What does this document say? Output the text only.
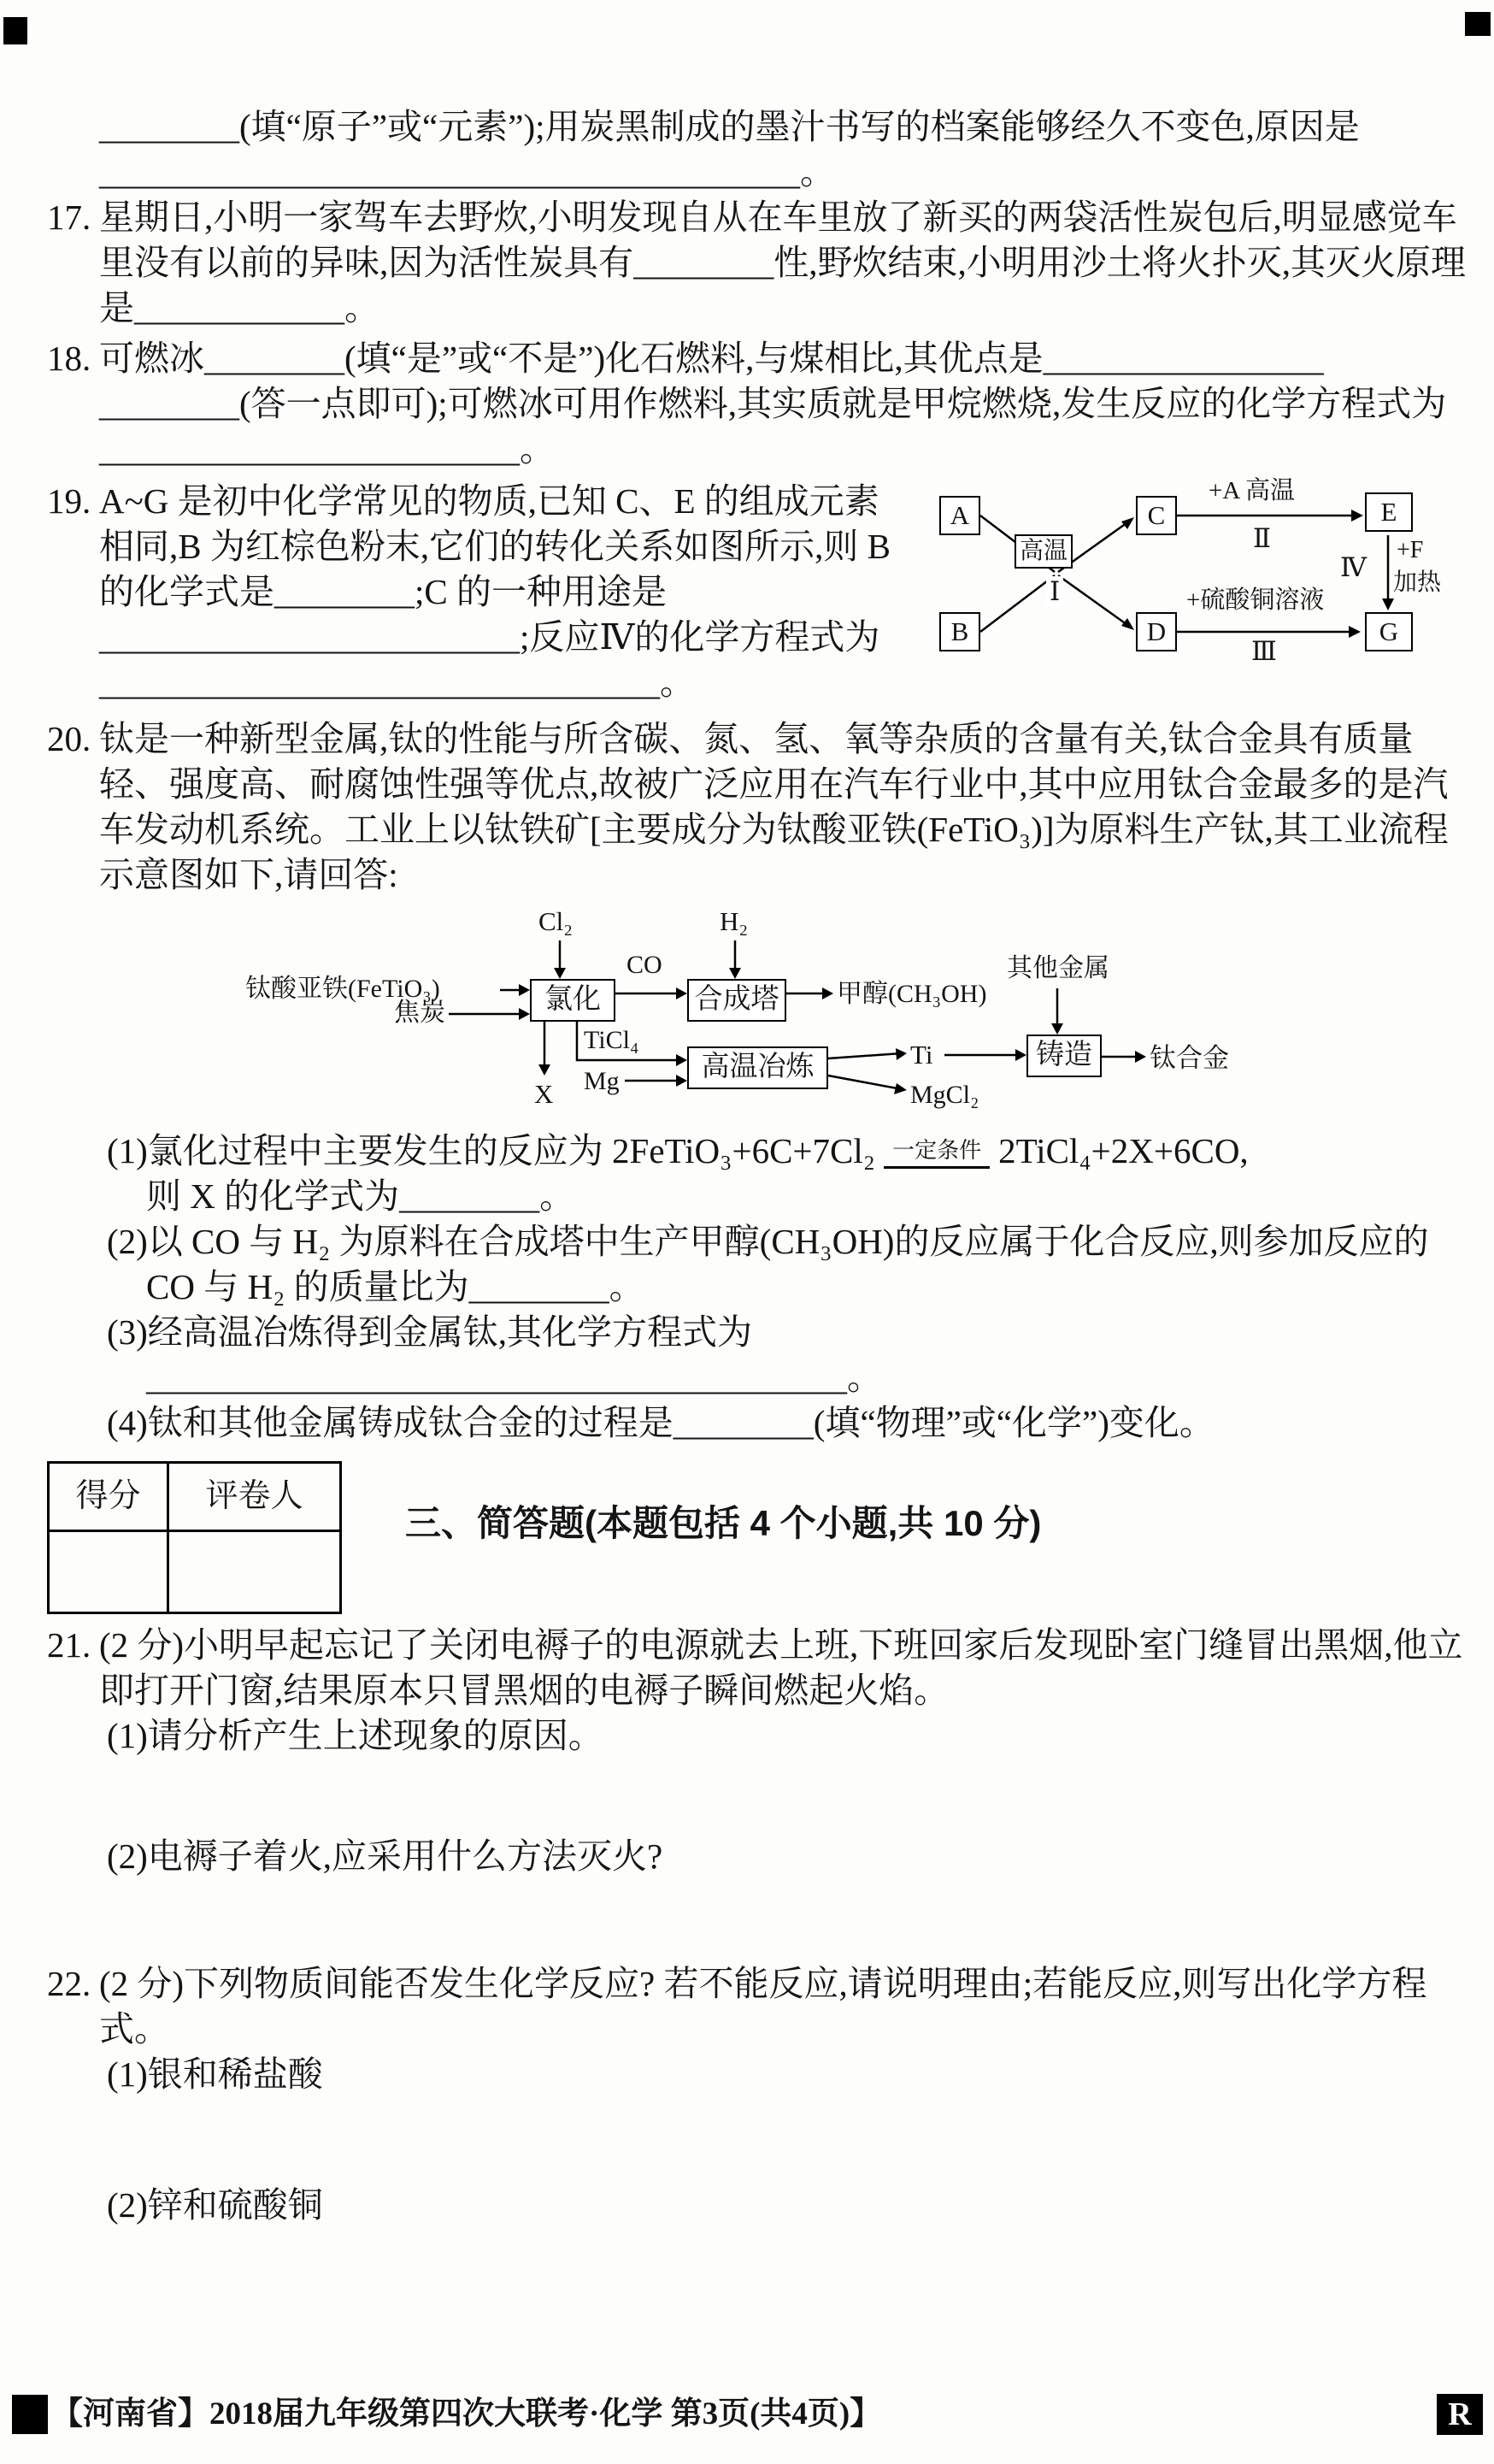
________(填“原子”或“元素”);用炭黑制成的墨汁书写的档案能够经久不变色,原因是________________________________________。
17. 星期日,小明一家驾车去野炊,小明发现自从在车里放了新买的两袋活性炭包后,明显感觉车里没有以前的异味,因为活性炭具有________性,野炊结束,小明用沙土将火扑灭,其灭火原理是____________。
18. 可燃冰________(填“是”或“不是”)化石燃料,与煤相比,其优点是________________ ________(答一点即可);可燃冰可用作燃料,其实质就是甲烷燃烧,发生反应的化学方程式为________________________。
19. A~G 是初中化学常见的物质,已知 C、E 的组成元素相同,B 为红棕色粉末,它们的转化关系如图所示,则 B 的化学式是________;C 的一种用途是________________________;反应Ⅳ的化学方程式为________________________________。
A
B
C
D
E
G
高温
Ⅰ
+A 高温
Ⅱ
+硫酸铜溶液
Ⅲ
Ⅳ
+F
加热
20. 钛是一种新型金属,钛的性能与所含碳、氮、氢、氧等杂质的含量有关,钛合金具有质量轻、强度高、耐腐蚀性强等优点,故被广泛应用在汽车行业中,其中应用钛合金最多的是汽车发动机系统。工业上以钛铁矿[主要成分为钛酸亚铁(FeTiO₃)]为原料生产钛,其工业流程示意图如下,请回答:
Cl₂	H₂
钛酸亚铁(FeTiO₃)
焦炭	氯化
CO
合成塔 甲醇(CH₃OH)
其他金属
TiCl₄
X Mg	高温冶炼	Ti
MgCl₂
铸造 钛合金
(1)氯化过程中主要发生的反应为 2FeTiO₃+6C+7Cl₂ 一定条件 2TiCl₄+2X+6CO,
则 X 的化学式为________。
(2)以 CO 与 H₂ 为原料在合成塔中生产甲醇(CH₃OH)的反应属于化合反应,则参加反应的 CO 与 H₂ 的质量比为________。
(3)经高温冶炼得到金属钛,其化学方程式为________________________________________。
(4)钛和其他金属铸成钛合金的过程是________(填“物理”或“化学”)变化。
得分	评卷人

三、简答题(本题包括 4 个小题,共 10 分)
21. (2 分)小明早起忘记了关闭电褥子的电源就去上班,下班回家后发现卧室门缝冒出黑烟,他立即打开门窗,结果原本只冒黑烟的电褥子瞬间燃起火焰。
(1)请分析产生上述现象的原因。
(2)电褥子着火,应采用什么方法灭火?
22. (2 分)下列物质间能否发生化学反应? 若不能反应,请说明理由;若能反应,则写出化学方程式。
(1)银和稀盐酸
(2)锌和硫酸铜
【河南省】2018届九年级第四次大联考·化学 第3页(共4页)】	R
